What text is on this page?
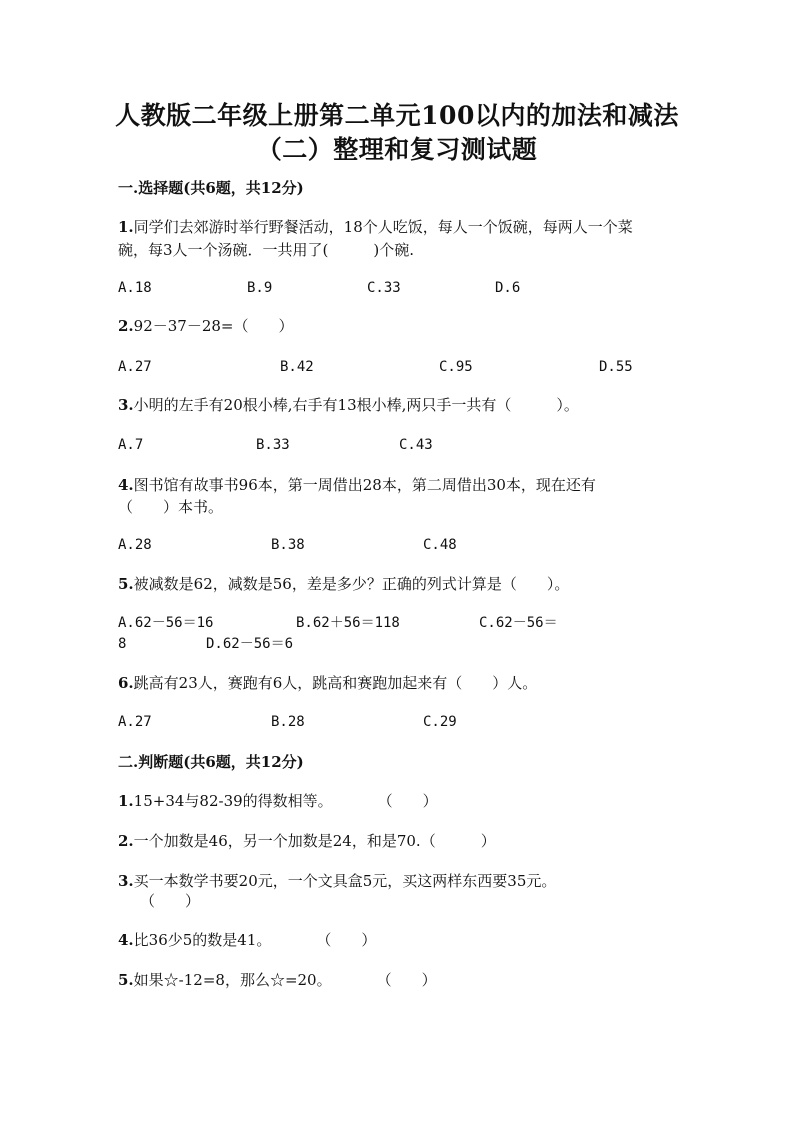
人教版二年级上册第二单元100以内的加法和减法
（二）整理和复习测试题
一.选择题(共6题，共12分)
1.同学们去郊游时举行野餐活动，18个人吃饭，每人一个饭碗，每两人一个菜
碗，每3人一个汤碗．一共用了(　　　)个碗.
A.18	B.9	C.33	D.6
2.92－37－28=（　　）
A.27	B.42	C.95	D.55
3.小明的左手有20根小棒,右手有13根小棒,两只手一共有（　　　）。
A.7	B.33	C.43
4.图书馆有故事书96本，第一周借出28本，第二周借出30本，现在还有
（　　）本书。
A.28	B.38	C.48
5.被减数是62，减数是56，差是多少？正确的列式计算是（　　）。
A.62－56＝16	B.62＋56＝118	C.62－56＝
8	D.62－56＝6
6.跳高有23人，赛跑有6人，跳高和赛跑加起来有（　　）人。
A.27	B.28	C.29
二.判断题(共6题，共12分)
1.15+34与82-39的得数相等。　　　　（　　）
2.一个加数是46，另一个加数是24，和是70.（　　　）
3.买一本数学书要20元，一个文具盒5元，买这两样东西要35元。
（　　）
4.比36少5的数是41。　　　　（　　）
5.如果☆-12=8，那么☆=20。　　　　（　　）
